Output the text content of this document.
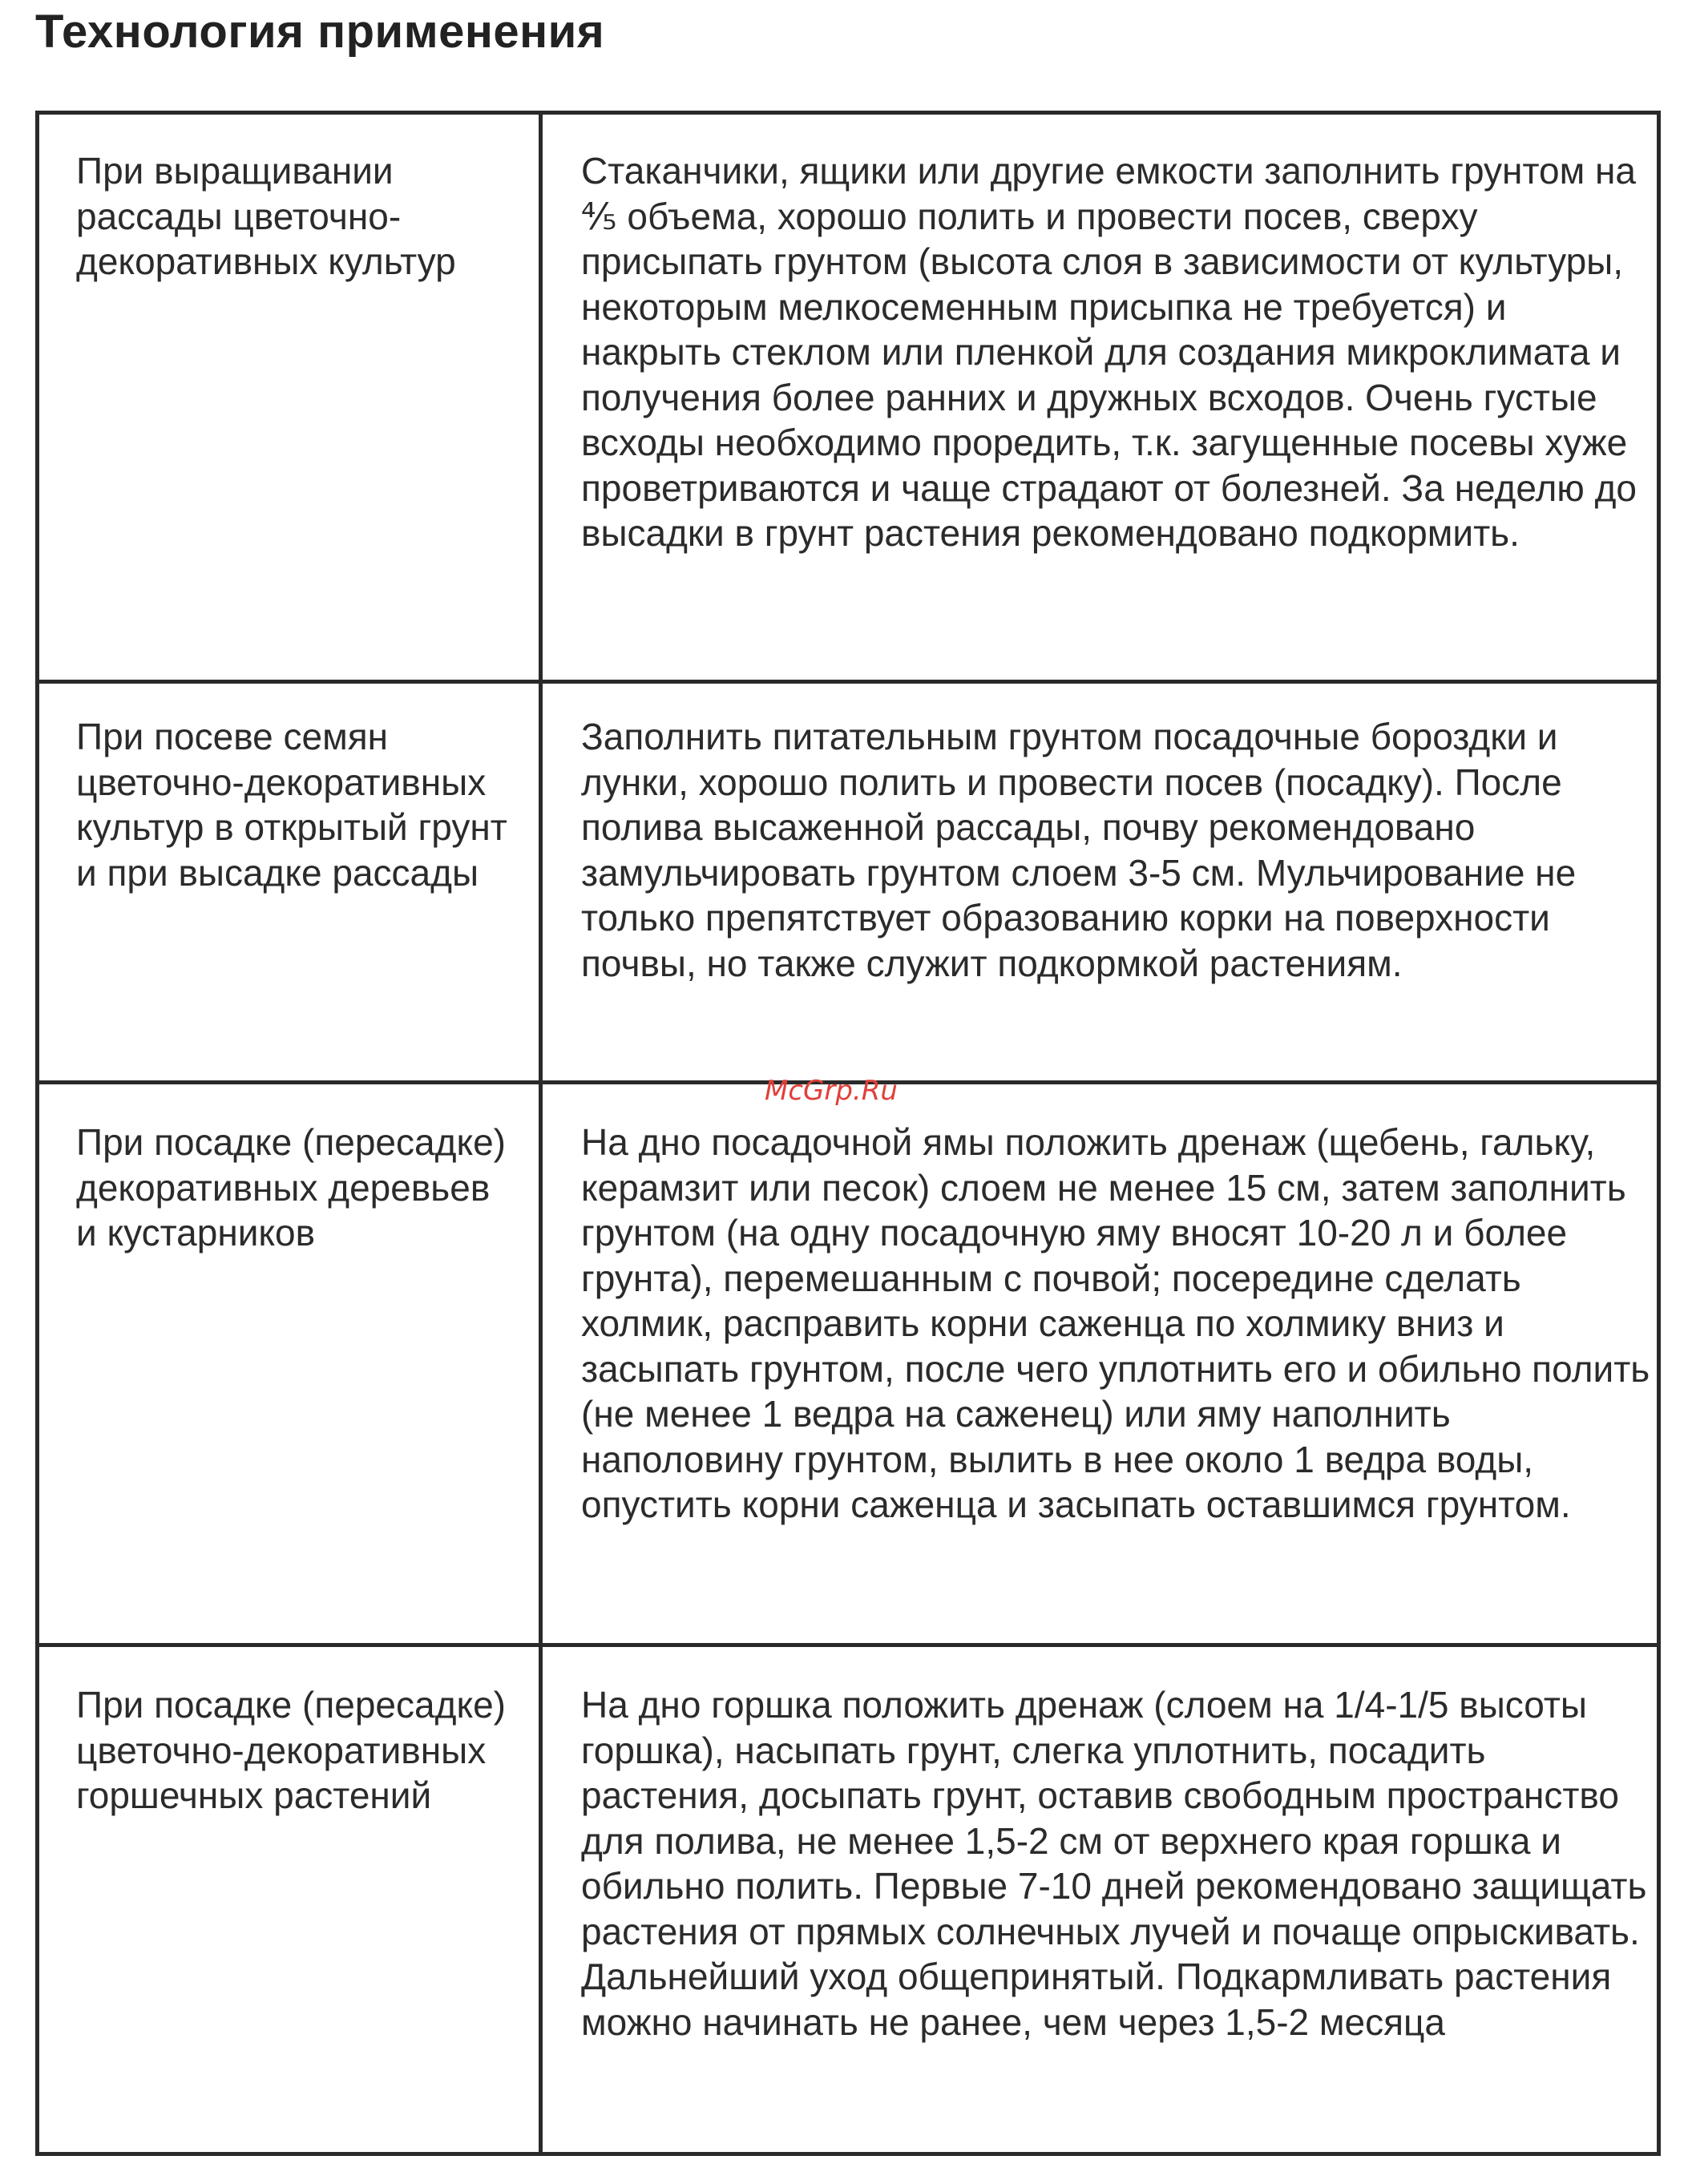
Технология применения
При выращивании рассады цветочно-декоративных культур
Стаканчики, ящики или другие емкости заполнить грунтом на ⅘ объема, хорошо полить и провести посев, сверху присыпать грунтом (высота слоя в зависимости от культуры, некоторым мелкосеменным присыпка не требуется) и накрыть стеклом или пленкой для создания микроклимата и получения более ранних и дружных всходов. Очень густые всходы необходимо проредить, т.к. загущенные посевы хуже проветриваются и чаще страдают от болезней. За неделю до высадки в грунт растения рекомендовано подкормить.
При посеве семян цветочно-декоративных культур в открытый грунт и при высадке рассады
Заполнить питательным грунтом посадочные бороздки и лунки, хорошо полить и провести посев (посадку). После полива высаженной рассады, почву рекомендовано замульчировать грунтом слоем 3-5 см. Мульчирование не только препятствует образованию корки на поверхности почвы, но также служит подкормкой растениям.
При посадке (пересадке) декоративных деревьев и кустарников
На дно посадочной ямы положить дренаж (щебень, гальку, керамзит или песок) слоем не менее 15 см, затем заполнить грунтом (на одну посадочную яму вносят 10-20 л и более грунта), перемешанным с почвой; посередине сделать холмик, расправить корни саженца по холмику вниз и засыпать грунтом, после чего уплотнить его и обильно полить (не менее 1 ведра на саженец) или яму наполнить наполовину грунтом, вылить в нее около 1 ведра воды, опустить корни саженца и засыпать оставшимся грунтом.
При посадке (пересадке) цветочно-декоративных горшечных растений
На дно горшка положить дренаж (слоем на 1/4-1/5 высоты горшка), насыпать грунт, слегка уплотнить, посадить растения, досыпать грунт, оставив свободным пространство для полива, не менее 1,5-2 см от верхнего края горшка и обильно полить. Первые 7-10 дней рекомендовано защищать растения от прямых солнечных лучей и почаще опрыскивать. Дальнейший уход общепринятый. Подкармливать растения можно начинать не ранее, чем через 1,5-2 месяца
McGrp.Ru
